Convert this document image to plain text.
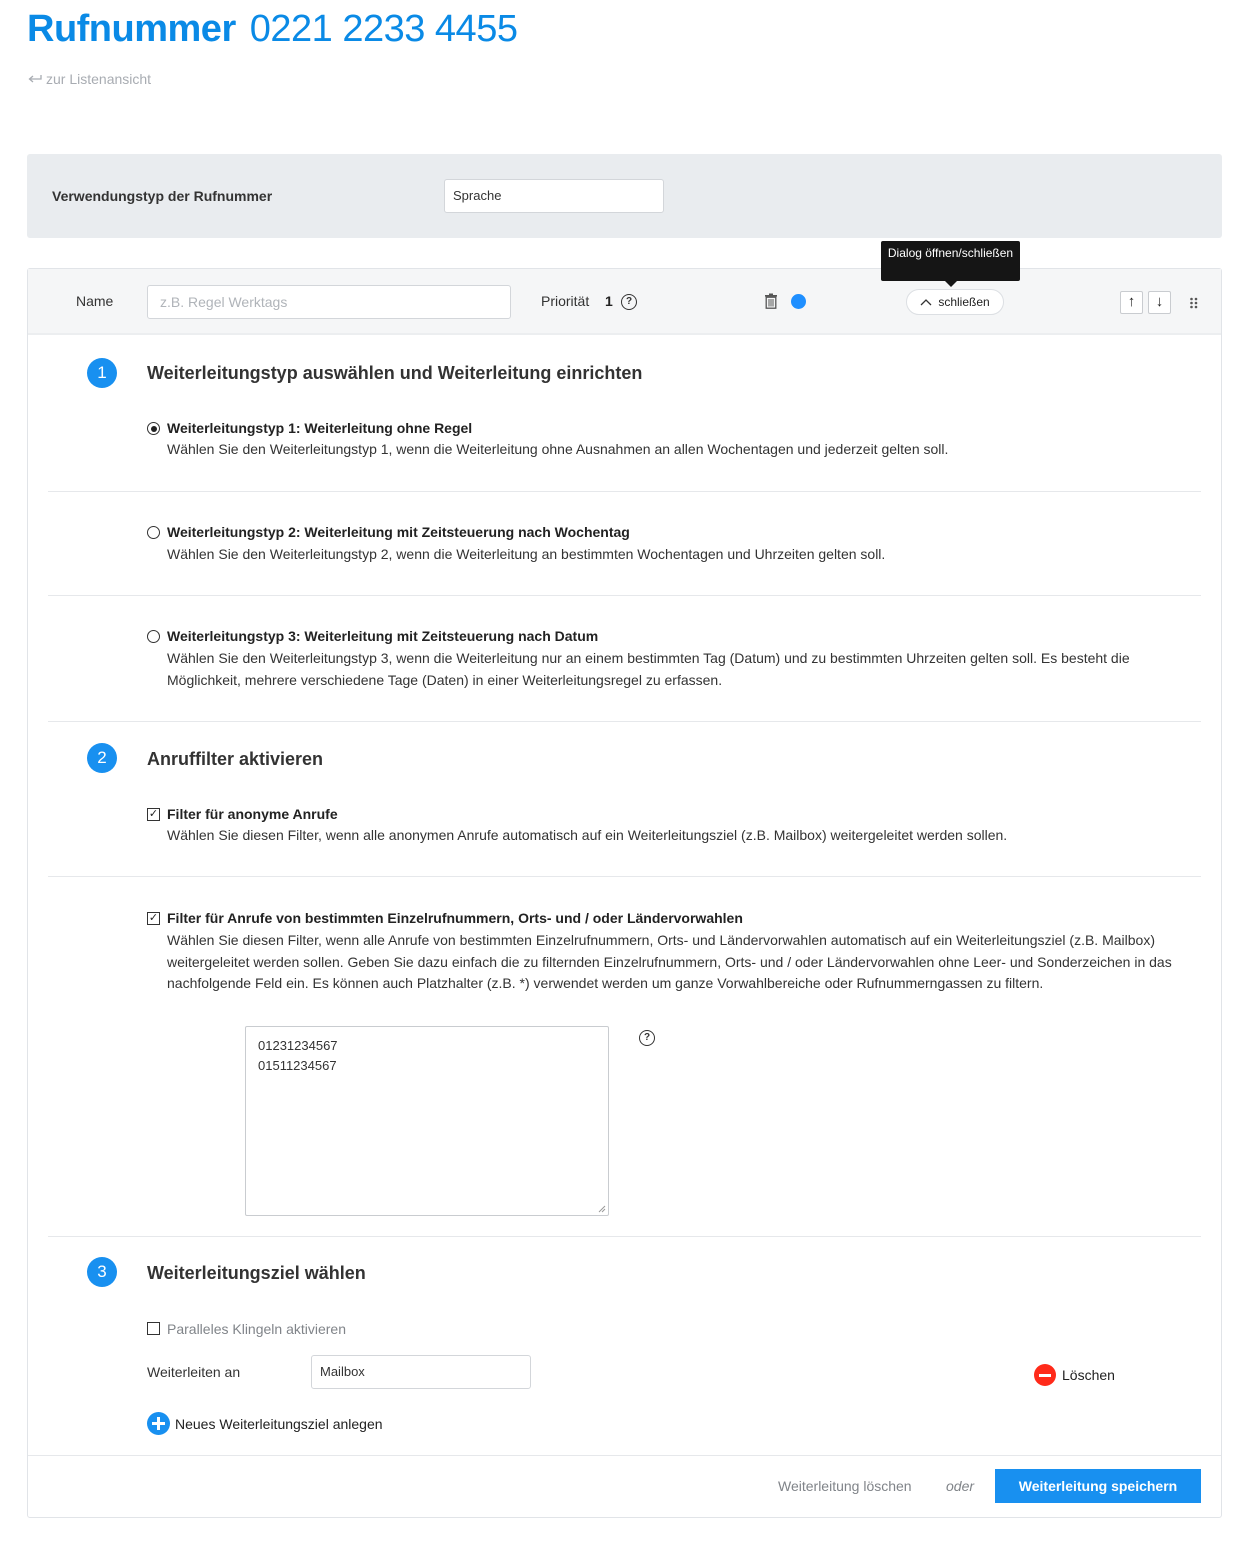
Rufnummer 0221 2233 4455
zur Listenansicht
Verwendungstyp der Rufnummer	Sprache
Name	z.B. Regel Werktags	Priorität 1	?	schließen	↑	↓
Dialog öffnen/schließen
1	Weiterleitungstyp auswählen und Weiterleitung einrichten
Weiterleitungstyp 1: Weiterleitung ohne Regel
Wählen Sie den Weiterleitungstyp 1, wenn die Weiterleitung ohne Ausnahmen an allen Wochentagen und jederzeit gelten soll.
Weiterleitungstyp 2: Weiterleitung mit Zeitsteuerung nach Wochentag
Wählen Sie den Weiterleitungstyp 2, wenn die Weiterleitung an bestimmten Wochentagen und Uhrzeiten gelten soll.
Weiterleitungstyp 3: Weiterleitung mit Zeitsteuerung nach Datum
Wählen Sie den Weiterleitungstyp 3, wenn die Weiterleitung nur an einem bestimmten Tag (Datum) und zu bestimmten Uhrzeiten gelten soll. Es besteht die Möglichkeit, mehrere verschiedene Tage (Daten) in einer Weiterleitungsregel zu erfassen.
2	Anruffilter aktivieren
✓ Filter für anonyme Anrufe
Wählen Sie diesen Filter, wenn alle anonymen Anrufe automatisch auf ein Weiterleitungsziel (z.B. Mailbox) weitergeleitet werden sollen.
✓ Filter für Anrufe von bestimmten Einzelrufnummern, Orts- und / oder Ländervorwahlen
Wählen Sie diesen Filter, wenn alle Anrufe von bestimmten Einzelrufnummern, Orts- und Ländervorwahlen automatisch auf ein Weiterleitungsziel (z.B. Mailbox) weitergeleitet werden sollen. Geben Sie dazu einfach die zu filternden Einzelrufnummern, Orts- und / oder Ländervorwahlen ohne Leer- und Sonderzeichen in das nachfolgende Feld ein. Es können auch Platzhalter (z.B. *) verwendet werden um ganze Vorwahlbereiche oder Rufnummerngassen zu filtern.
01231234567
01511234567
?
3	Weiterleitungsziel wählen
Paralleles Klingeln aktivieren
Weiterleiten an	Mailbox	Löschen
Neues Weiterleitungsziel anlegen
Weiterleitung löschen oder	Weiterleitung speichern
